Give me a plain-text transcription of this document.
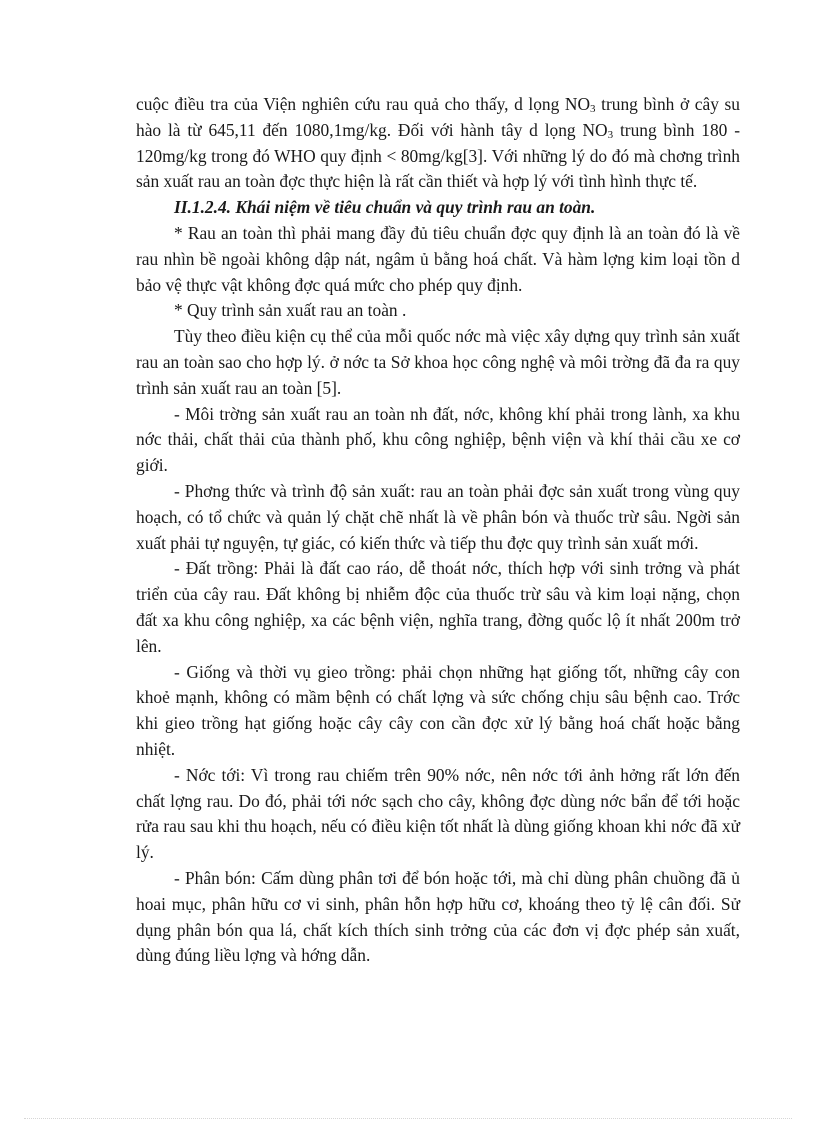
cuộc điều tra của Viện nghiên cứu rau quả cho thấy, d lọng $NO_3$ trung bình ở cây su hào là từ 645,11 đến 1080,1mg/kg. Đối với hành tây d lọng $NO_3$ trung bình 180 - 120mg/kg trong đó WHO quy định < 80mg/kg[3]. Với những lý do đó mà chơng trình sản xuất rau an toàn đợc thực hiện là rất cần thiết và hợp lý với tình hình thực tế.

II.1.2.4. Khái niệm về tiêu chuẩn và quy trình rau an toàn.

* Rau an toàn thì phải mang đầy đủ tiêu chuẩn đợc quy định là an toàn đó là về rau nhìn bề ngoài không dập nát, ngâm ủ bằng hoá chất. Và hàm lợng kim loại tồn d bảo vệ thực vật không đợc quá mức cho phép quy định.

* Quy trình sản xuất rau an toàn .

Tùy theo điều kiện cụ thể của mỗi quốc nớc mà việc xây dựng quy trình sản xuất rau an toàn sao cho hợp lý. ở nớc ta Sở khoa học công nghệ và môi trờng đã đa ra quy trình sản xuất rau an toàn [5].

- Môi trờng sản xuất rau an toàn nh đất, nớc, không khí phải trong lành, xa khu nớc thải, chất thải của thành phố, khu công nghiệp, bệnh viện và khí thải cầu xe cơ giới.

- Phơng thức và trình độ sản xuất: rau an toàn phải đợc sản xuất trong vùng quy hoạch, có tổ chức và quản lý chặt chẽ nhất là về phân bón và thuốc trừ sâu. Ngời sản xuất phải tự nguyện, tự giác, có kiến thức và tiếp thu đợc quy trình sản xuất mới.

- Đất trồng: Phải là đất cao ráo, dễ thoát nớc, thích hợp với sinh trởng và phát triển của cây rau. Đất không bị nhiễm độc của thuốc trừ sâu và kim loại nặng, chọn đất xa khu công nghiệp, xa các bệnh viện, nghĩa trang, đờng quốc lộ ít nhất 200m trở lên.

- Giống và thời vụ gieo trồng: phải chọn những hạt giống tốt, những cây con khoẻ mạnh, không có mầm bệnh có chất lợng và sức chống chịu sâu bệnh cao. Trớc khi gieo trồng hạt giống hoặc cây cây con cần đợc xử lý bằng hoá chất hoặc bằng nhiệt.

- Nớc tới: Vì trong rau chiếm trên 90% nớc, nên nớc tới ảnh hởng rất lớn đến chất lợng rau. Do đó, phải tới nớc sạch cho cây, không đợc dùng nớc bẩn để tới hoặc rửa rau sau khi thu hoạch, nếu có điều kiện tốt nhất là dùng giống khoan khi nớc đã xử lý.

- Phân bón: Cấm dùng phân tơi để bón hoặc tới, mà chỉ dùng phân chuồng đã ủ hoai mục, phân hữu cơ vi sinh, phân hỗn hợp hữu cơ, khoáng theo tỷ lệ cân đối. Sử dụng phân bón qua lá, chất kích thích sinh trởng của các đơn vị đợc phép sản xuất, dùng đúng liều lợng và hớng dẫn.
